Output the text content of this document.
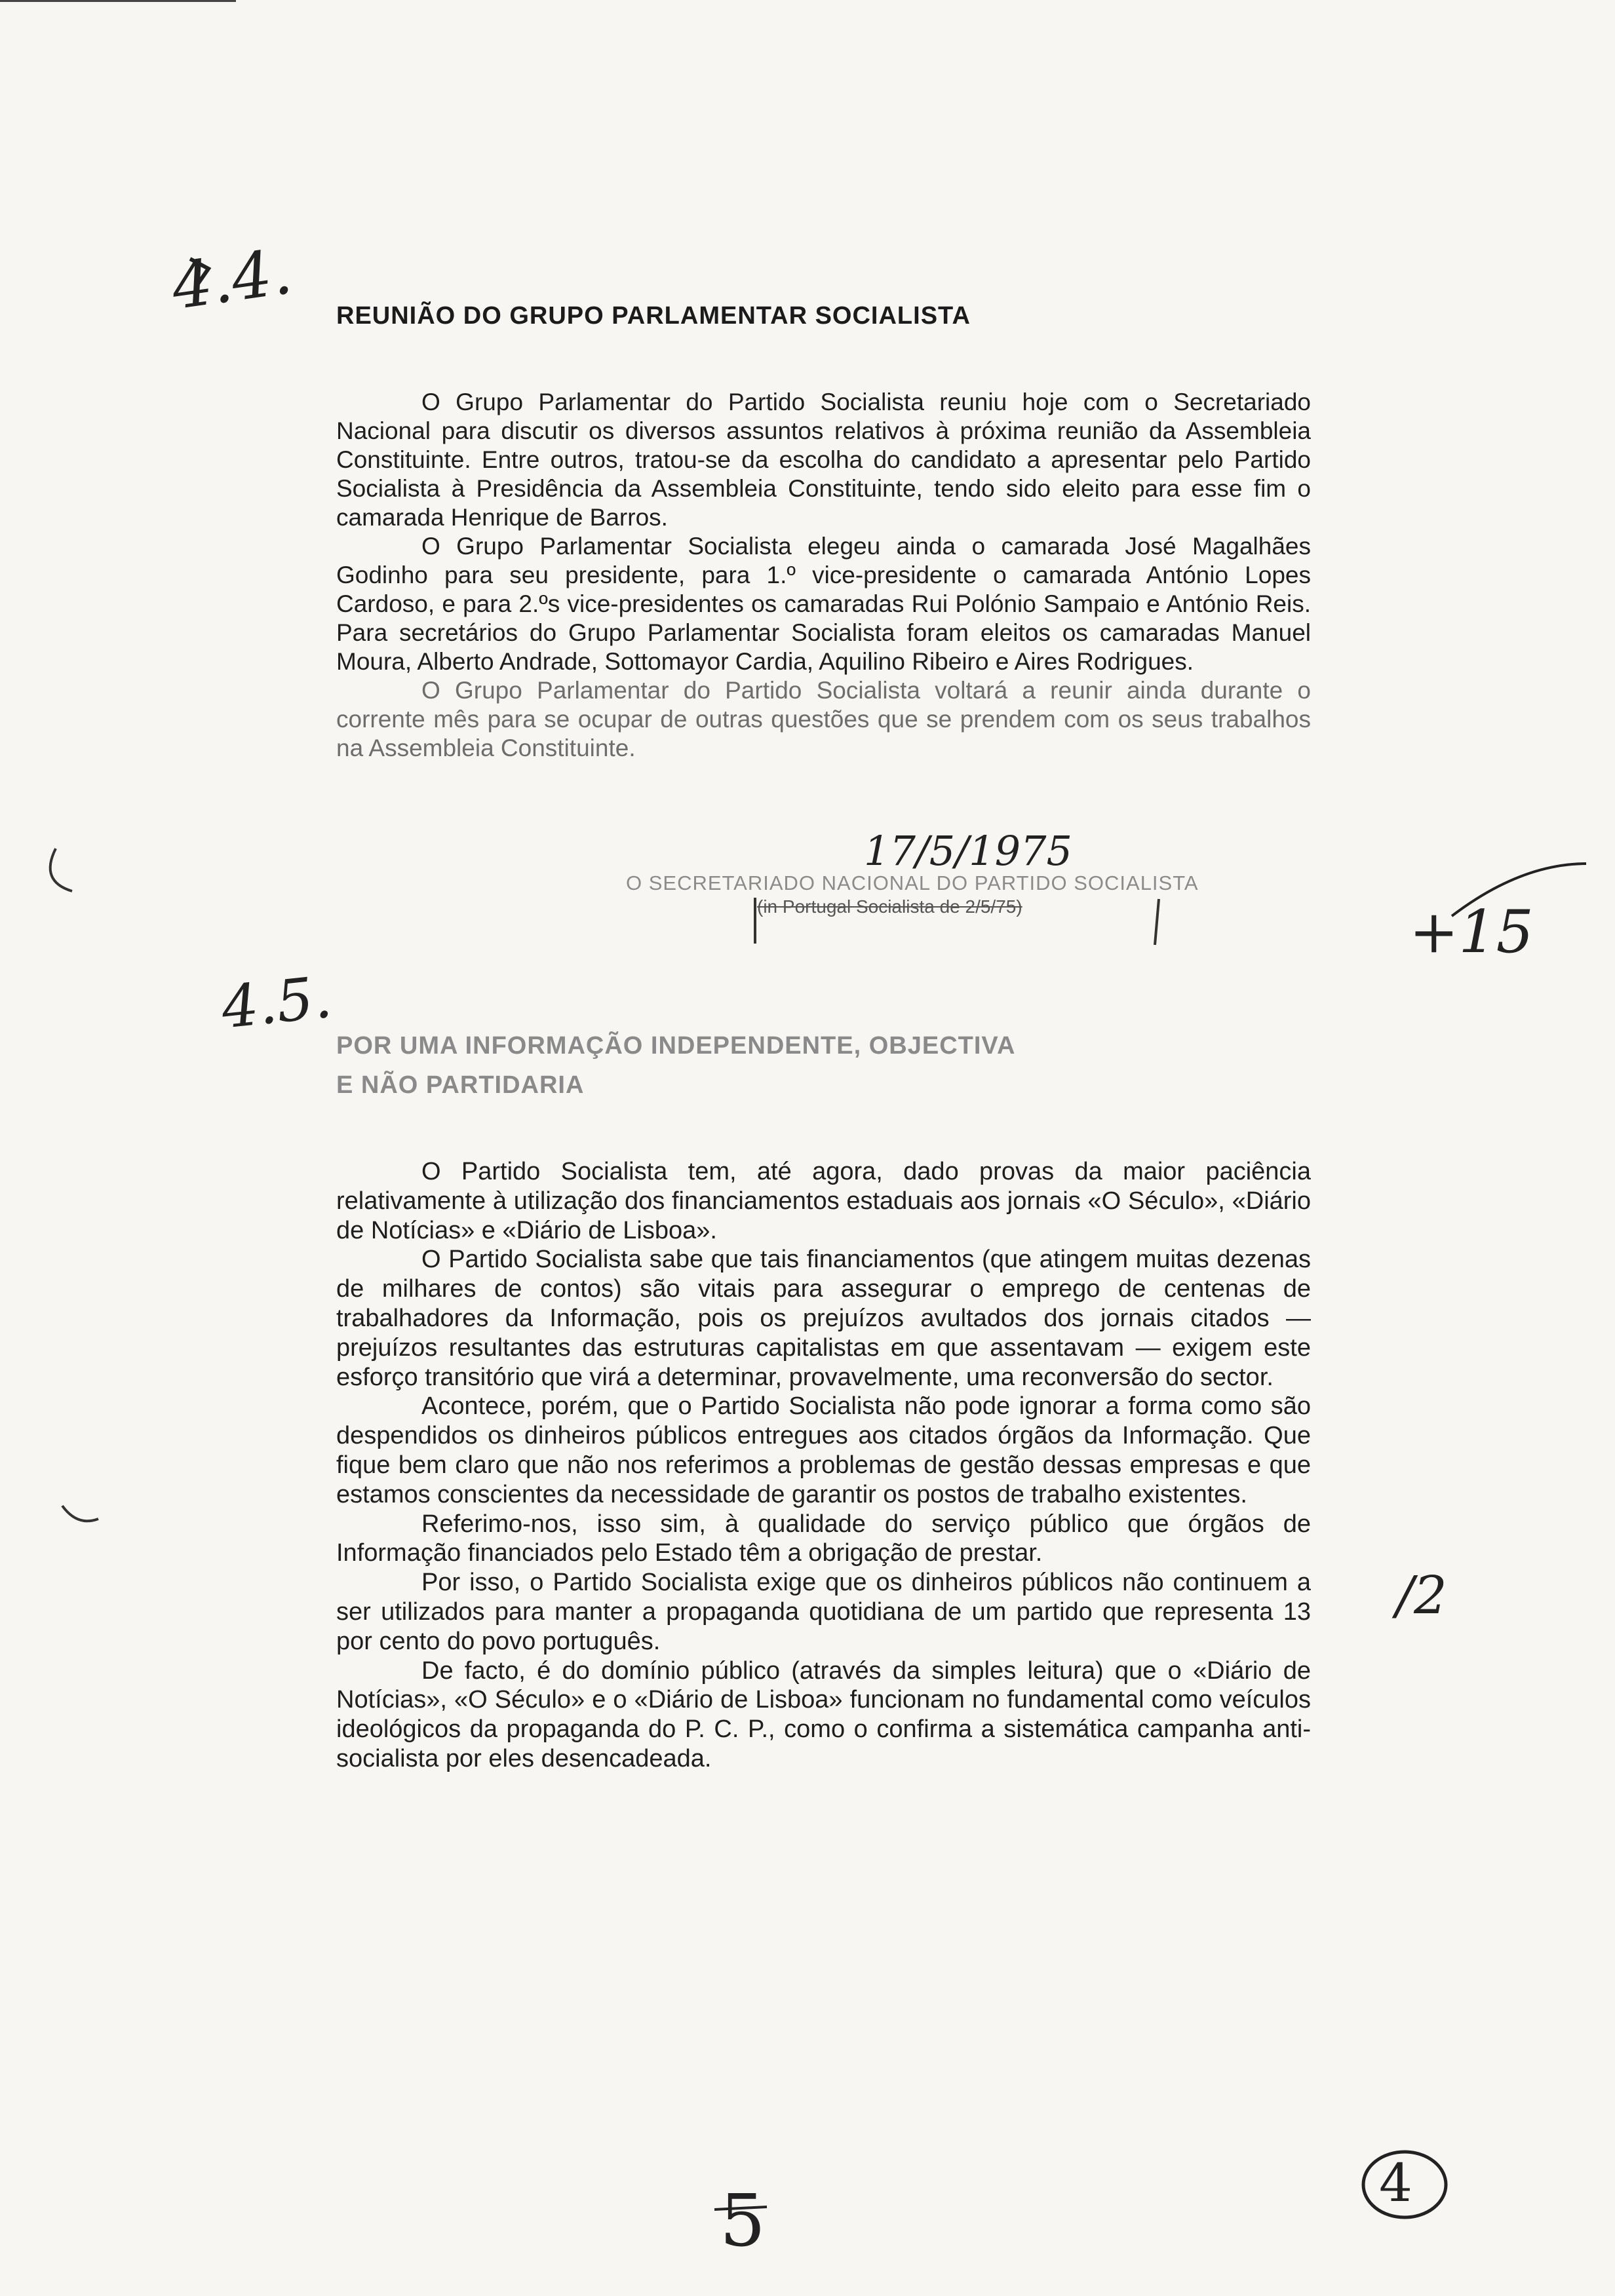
4.4.
4.5.
REUNIÃO DO GRUPO PARLAMENTAR SOCIALISTA

O Grupo Parlamentar do Partido Socialista reuniu hoje com o Secretariado Nacional para discutir os diversos assuntos relativos à próxima reunião da Assembleia Constituinte. Entre outros, tratou-se da escolha do candidato a apresentar pelo Partido Socialista à Presidência da Assembleia Constituinte, tendo sido eleito para esse fim o camarada Henrique de Barros.

O Grupo Parlamentar Socialista elegeu ainda o camarada José Magalhães Godinho para seu presidente, para 1.º vice-presidente o camarada António Lopes Cardoso, e para 2.ºs vice-presidentes os camaradas Rui Polónio Sampaio e António Reis. Para secretários do Grupo Parlamentar Socialista foram eleitos os camaradas Manuel Moura, Alberto Andrade, Sottomayor Cardia, Aquilino Ribeiro e Aires Rodrigues.

O Grupo Parlamentar do Partido Socialista voltará a reunir ainda durante o corrente mês para se ocupar de outras questões que se prendem com os seus trabalhos na Assembleia Constituinte.

17/5/1975
O SECRETARIADO NACIONAL DO PARTIDO SOCIALISTA
(in Portugal Socialista de 2/5/75)	+15
POR UMA INFORMAÇÃO INDEPENDENTE, OBJECTIVA
E NÃO PARTIDARIA

O Partido Socialista tem, até agora, dado provas da maior paciência relativamente à utilização dos financiamentos estaduais aos jornais «O Século», «Diário de Notícias» e «Diário de Lisboa».

O Partido Socialista sabe que tais financiamentos (que atingem muitas dezenas de milhares de contos) são vitais para assegurar o emprego de centenas de trabalhadores da Informação, pois os prejuízos avultados dos jornais citados — prejuízos resultantes das estruturas capitalistas em que assentavam — exigem este esforço transitório que virá a determinar, provavelmente, uma reconversão do sector.

Acontece, porém, que o Partido Socialista não pode ignorar a forma como são despendidos os dinheiros públicos entregues aos citados órgãos da Informação. Que fique bem claro que não nos referimos a problemas de gestão dessas empresas e que estamos conscientes da necessidade de garantir os postos de trabalho existentes.

Referimo-nos, isso sim, à qualidade do serviço público que órgãos de Informação financiados pelo Estado têm a obrigação de prestar.

Por isso, o Partido Socialista exige que os dinheiros públicos não continuem a ser utilizados para manter a propaganda quotidiana de um partido que representa 13 por cento do povo português.

De facto, é do domínio público (através da simples leitura) que o «Diário de Notícias», «O Século» e o «Diário de Lisboa» funcionam no fundamental como veículos ideológicos da propaganda do P. C. P., como o confirma a sistemática campanha anti-socialista por eles desencadeada.

/2
5	4
